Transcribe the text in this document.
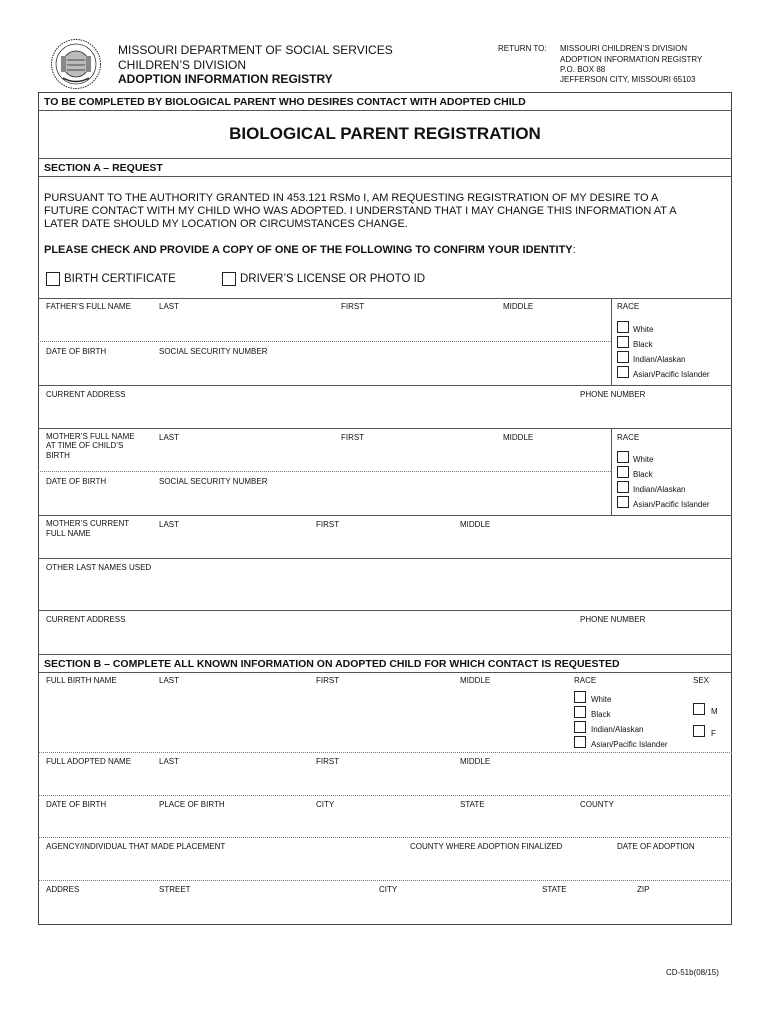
MISSOURI DEPARTMENT OF SOCIAL SERVICES
CHILDREN’S DIVISION
ADOPTION INFORMATION REGISTRY
RETURN TO: MISSOURI CHILDREN’S DIVISION
ADOPTION INFORMATION REGISTRY
P.O. BOX 88
JEFFERSON CITY, MISSOURI 65103
TO BE COMPLETED BY BIOLOGICAL PARENT WHO DESIRES CONTACT WITH ADOPTED CHILD
BIOLOGICAL PARENT REGISTRATION
SECTION A – REQUEST
PURSUANT TO THE AUTHORITY GRANTED IN 453.121 RSMo I, AM REQUESTING REGISTRATION OF MY DESIRE TO A
FUTURE CONTACT WITH MY CHILD WHO WAS ADOPTED. I UNDERSTAND THAT I MAY CHANGE THIS INFORMATION AT A
LATER DATE SHOULD MY LOCATION OR CIRCUMSTANCES CHANGE.
PLEASE CHECK AND PROVIDE A COPY OF ONE OF THE FOLLOWING TO CONFIRM YOUR IDENTITY:
BIRTH CERTIFICATE	DRIVER’S LICENSE OR PHOTO ID
FATHER’S FULL NAME	LAST	FIRST	MIDDLE	RACE
DATE OF BIRTH	SOCIAL SECURITY NUMBER
White
Black
Indian/Alaskan
Asian/Pacific Islander
CURRENT ADDRESS	PHONE NUMBER
MOTHER’S FULL NAME
AT TIME OF CHILD’S
BIRTH
LAST	FIRST	MIDDLE	RACE
DATE OF BIRTH	SOCIAL SECURITY NUMBER
White
Black
Indian/Alaskan
Asian/Pacific Islander
MOTHER’S CURRENT
FULL NAME
LAST	FIRST	MIDDLE
OTHER LAST NAMES USED
CURRENT ADDRESS	PHONE NUMBER
SECTION B – COMPLETE ALL KNOWN INFORMATION ON ADOPTED CHILD FOR WHICH CONTACT IS REQUESTED
FULL BIRTH NAME	LAST	FIRST	MIDDLE	RACE	SEX
White
Black
Indian/Alaskan
Asian/Pacific Islander
M
F
FULL ADOPTED NAME	LAST	FIRST	MIDDLE
DATE OF BIRTH	PLACE OF BIRTH	CITY	STATE	COUNTY
AGENCY/INDIVIDUAL THAT MADE PLACEMENT	COUNTY WHERE ADOPTION FINALIZED	DATE OF ADOPTION
ADDRES	STREET	CITY	STATE	ZIP
CD-51b(08/15)
